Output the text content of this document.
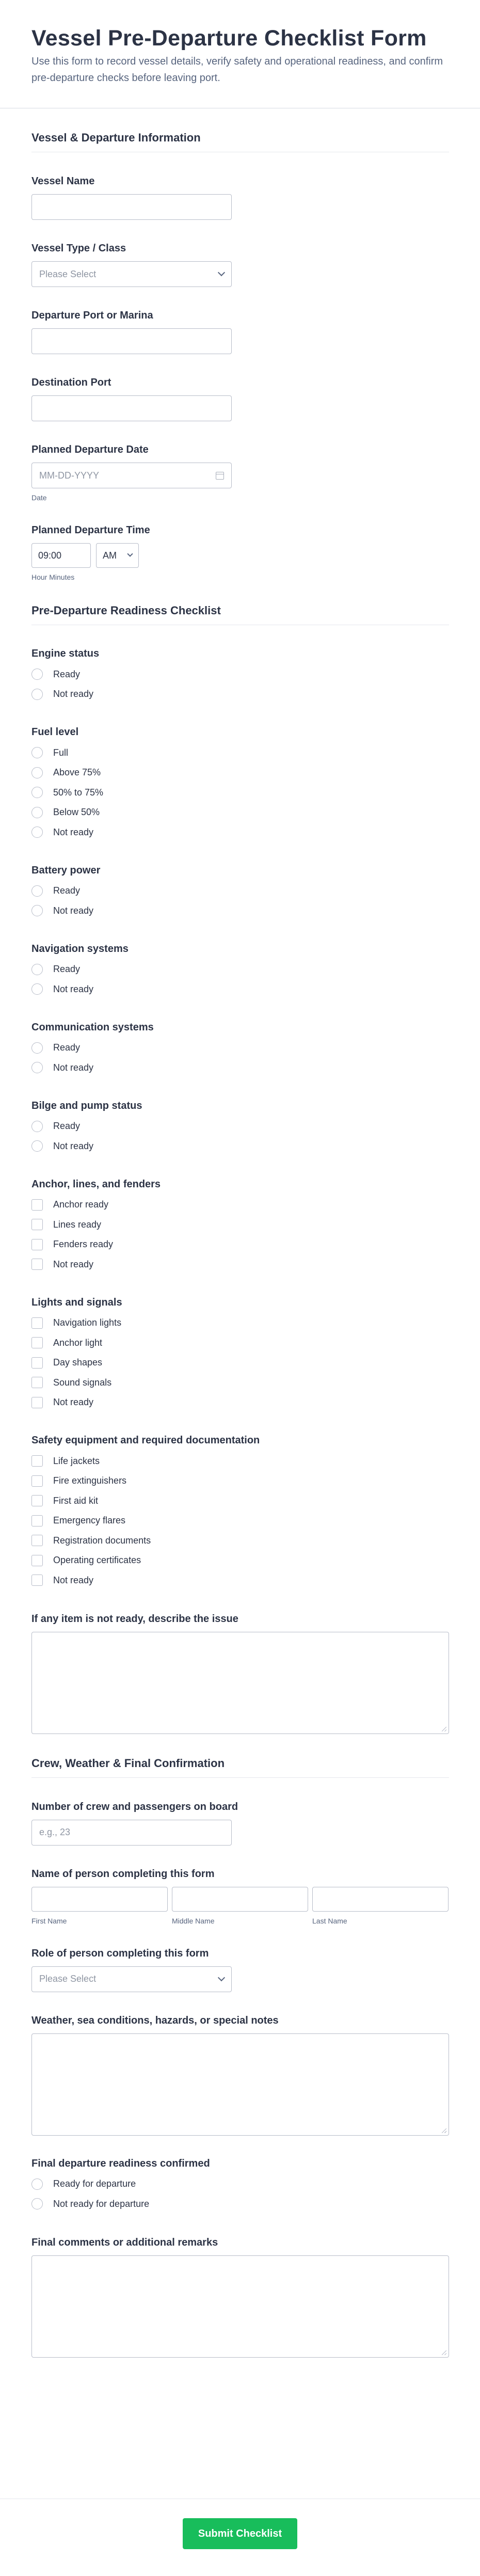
Vessel Pre-Departure Checklist Form

Use this form to record vessel details, verify safety and operational readiness, and confirm pre-departure checks before leaving port.

Vessel & Departure Information
Vessel Name
Vessel Type / Class
Please Select
Departure Port or Marina
Destination Port
Planned Departure Date
MM-DD-YYYY
Date
Planned Departure Time
09:00	AM
Hour Minutes
Pre-Departure Readiness Checklist
Engine status
Ready
Not ready
Fuel level
Full
Above 75%
50% to 75%
Below 50%
Not ready
Battery power
Ready
Not ready
Navigation systems
Ready
Not ready
Communication systems
Ready
Not ready
Bilge and pump status
Ready
Not ready
Anchor, lines, and fenders
Anchor ready
Lines ready
Fenders ready
Not ready
Lights and signals
Navigation lights
Anchor light
Day shapes
Sound signals
Not ready
Safety equipment and required documentation
Life jackets
Fire extinguishers
First aid kit
Emergency flares
Registration documents
Operating certificates
Not ready
If any item is not ready, describe the issue
Crew, Weather & Final Confirmation
Number of crew and passengers on board
e.g., 23
Name of person completing this form
First Name	Middle Name	Last Name
Role of person completing this form
Please Select
Weather, sea conditions, hazards, or special notes
Final departure readiness confirmed
Ready for departure
Not ready for departure
Final comments or additional remarks
Submit Checklist
